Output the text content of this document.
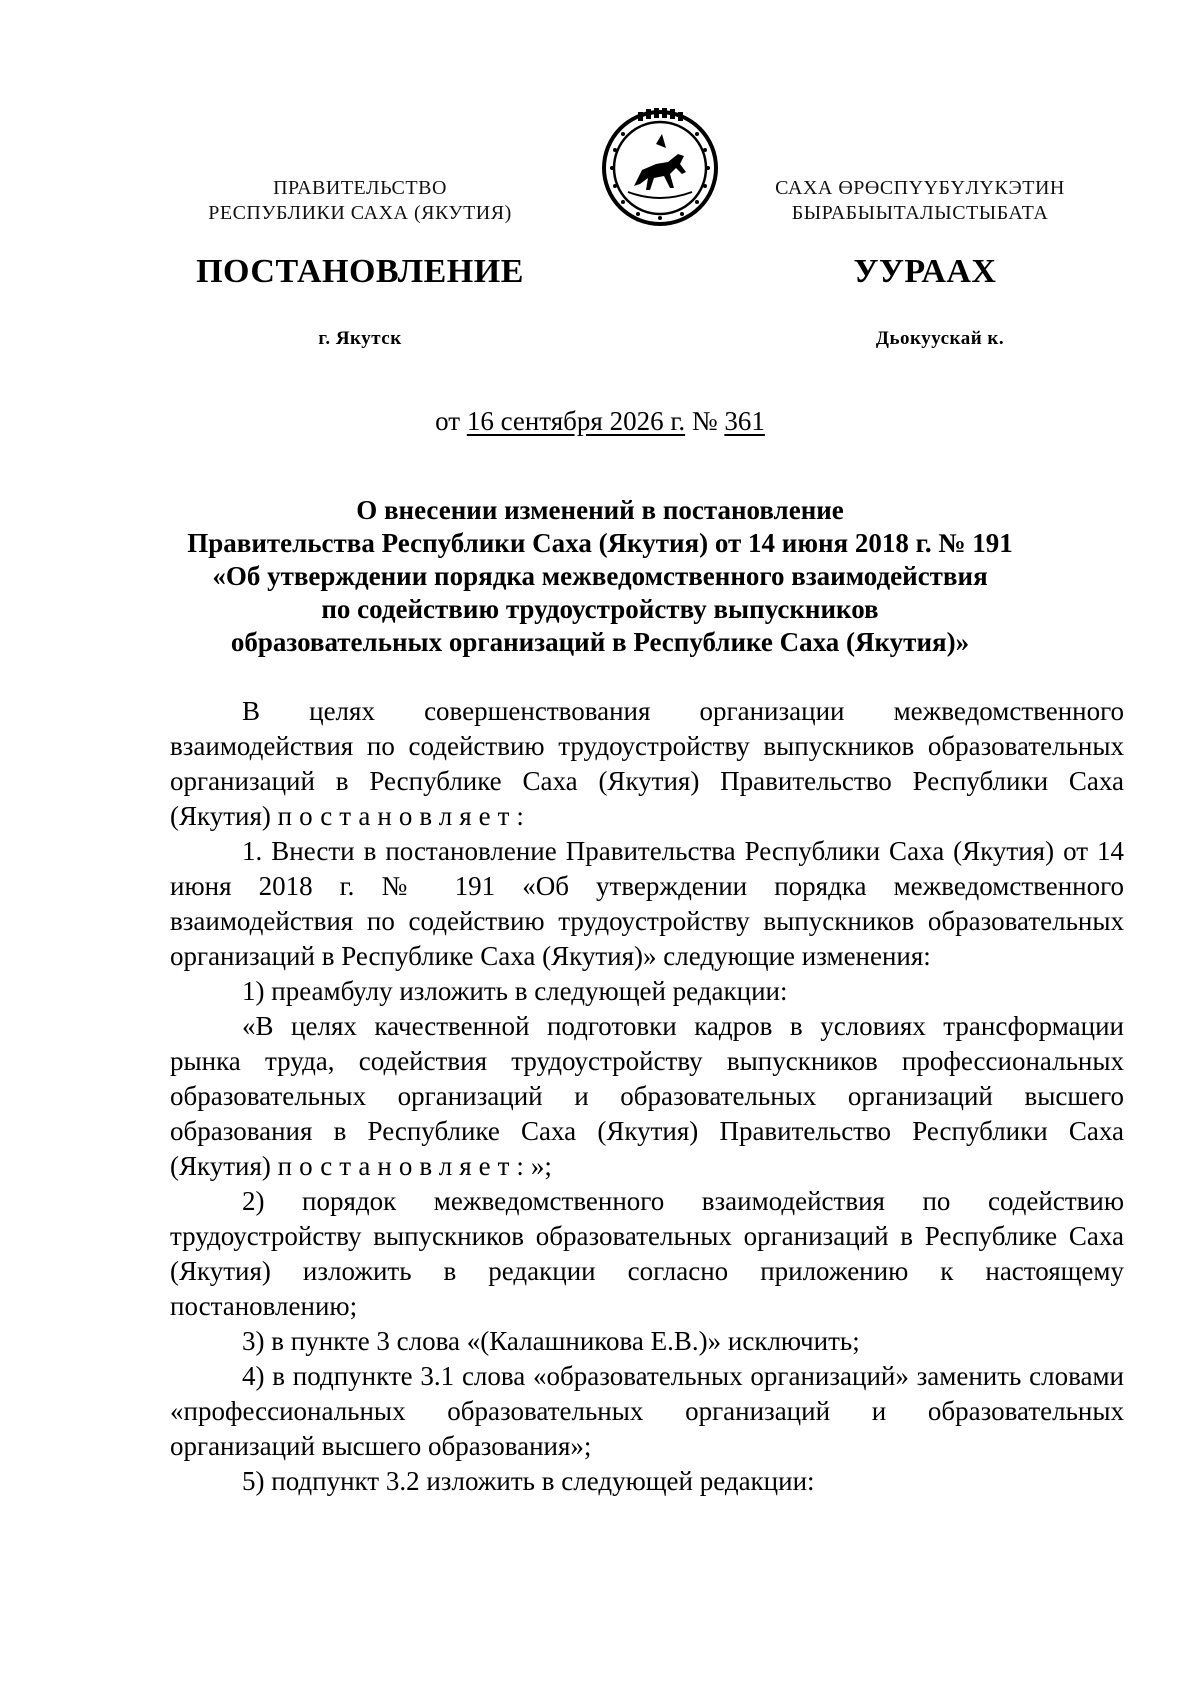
ПРАВИТЕЛЬСТВО
РЕСПУБЛИКИ САХА (ЯКУТИЯ)
САХА ӨРӨСПYYБYЛYКЭТИН
БЫРАБЫЫТАЛЫСТЫБАТА
ПОСТАНОВЛЕНИЕ	УУРААХ
г. Якутск	Дьокуускай к.
от 16 сентября 2026 г. № 361
О внесении изменений в постановление
Правительства Республики Саха (Якутия) от 14 июня 2018 г. № 191
«Об утверждении порядка межведомственного взаимодействия
по содействию трудоустройству выпускников
образовательных организаций в Республике Саха (Якутия)»

В целях совершенствования организации межведомственного взаимодействия по содействию трудоустройству выпускников образовательных организаций в Республике Саха (Якутия) Правительство Республики Саха (Якутия) постановляет:

1. Внести в постановление Правительства Республики Саха (Якутия) от 14 июня 2018 г. № 191 «Об утверждении порядка межведомственного взаимодействия по содействию трудоустройству выпускников образовательных организаций в Республике Саха (Якутия)» следующие изменения:

1) преамбулу изложить в следующей редакции:

«В целях качественной подготовки кадров в условиях трансформации рынка труда, содействия трудоустройству выпускников профессиональных образовательных организаций и образовательных организаций высшего образования в Республике Саха (Якутия) Правительство Республики Саха (Якутия) постановляет:»;

2) порядок межведомственного взаимодействия по содействию трудоустройству выпускников образовательных организаций в Республике Саха (Якутия) изложить в редакции согласно приложению к настоящему постановлению;

3) в пункте 3 слова «(Калашникова Е.В.)» исключить;

4) в подпункте 3.1 слова «образовательных организаций» заменить словами «профессиональных образовательных организаций и образовательных организаций высшего образования»;

5) подпункт 3.2 изложить в следующей редакции:
